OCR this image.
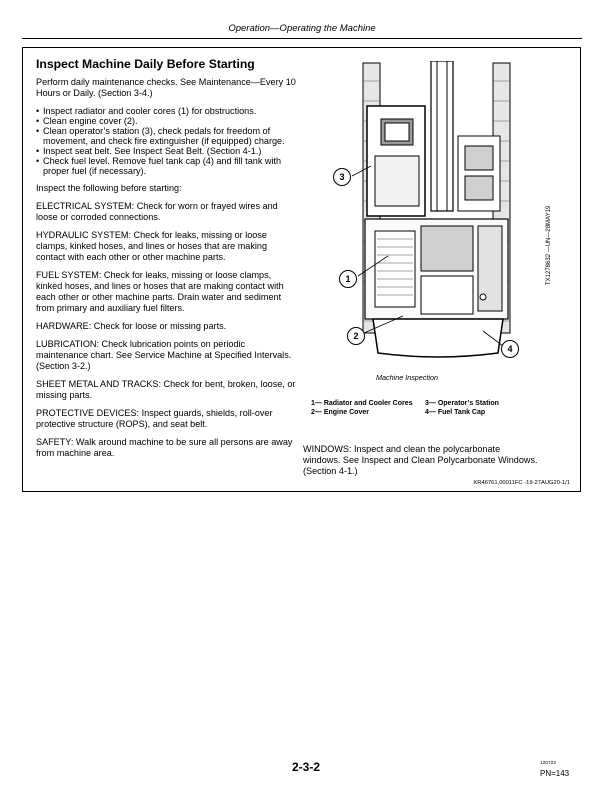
Operation—Operating the Machine
Inspect Machine Daily Before Starting

Perform daily maintenance checks. See Maintenance—Every 10 Hours or Daily. (Section 3-4.)

• Inspect radiator and cooler cores (1) for obstructions.
• Clean engine cover (2).
• Clean operator’s station (3), check pedals for freedom of movement, and check fire extinguisher (if equipped) charge.
• Inspect seat belt. See Inspect Seat Belt. (Section 4-1.)
• Check fuel level. Remove fuel tank cap (4) and fill tank with proper fuel (if necessary).

Inspect the following before starting:

ELECTRICAL SYSTEM: Check for worn or frayed wires and loose or corroded connections.

HYDRAULIC SYSTEM: Check for leaks, missing or loose clamps, kinked hoses, and lines or hoses that are making contact with each other or other machine parts.

FUEL SYSTEM: Check for leaks, missing or loose clamps, kinked hoses, and lines or hoses that are making contact with each other or other machine parts. Drain water and sediment from primary and auxiliary fuel filters.

HARDWARE: Check for loose or missing parts.

LUBRICATION: Check lubrication points on periodic maintenance chart. See Service Machine at Specified Intervals. (Section 3-2.)

SHEET METAL AND TRACKS: Check for bent, broken, loose, or missing parts.

PROTECTIVE DEVICES: Inspect guards, shields, roll-over protective structure (ROPS), and seat belt.

SAFETY: Walk around machine to be sure all persons are away from machine area.

3
1
2
4
TX1278632 —UN—28MAY19
Machine Inspection
1— Radiator and Cooler Cores
2— Engine Cover
3— Operator’s Station
4— Fuel Tank Cap

WINDOWS: Inspect and clean the polycarbonate windows. See Inspect and Clean Polycarbonate Windows. (Section 4-1.)

KR46761,00011FC -19-27AUG20-1/1
2-3-2	120722
PN=143
